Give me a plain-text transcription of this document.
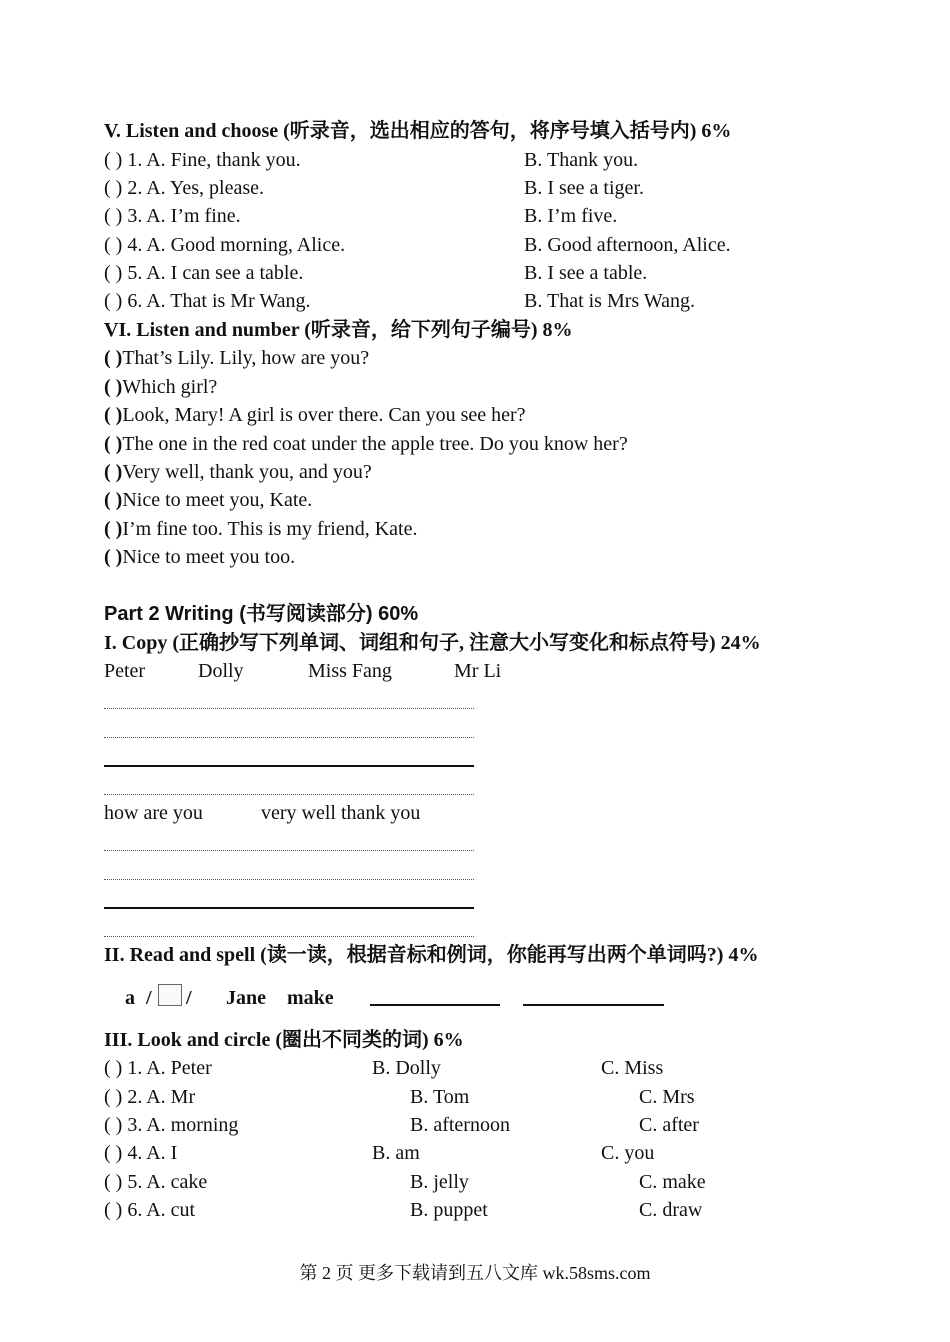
V. Listen and choose (听录音，选出相应的答句，将序号填入括号内) 6%
( ) 1. A. Fine, thank you.	B. Thank you.
( ) 2. A. Yes, please.	B. I see a tiger.
( ) 3. A. I’m fine.	B. I’m five.
( ) 4. A. Good morning, Alice.	B. Good afternoon, Alice.
( ) 5. A. I can see a table.	B. I see a table.
( ) 6. A. That is Mr Wang.	B. That is Mrs Wang.
VI. Listen and number (听录音，给下列句子编号) 8%
( )That’s Lily. Lily, how are you?
( )Which girl?
( )Look, Mary! A girl is over there. Can you see her?
( )The one in the red coat under the apple tree. Do you know her?
( )Very well, thank you, and you?
( )Nice to meet you, Kate.
( )I’m fine too. This is my friend, Kate.
( )Nice to meet you too.
Part 2 Writing (书写阅读部分) 60%
I. Copy (正确抄写下列单词、词组和句子, 注意大小写变化和标点符号) 24%
Peter	Dolly	Miss Fang	Mr Li
how are you	very well thank you
II. Read and spell (读一读，根据音标和例词，你能再写出两个单词吗?) 4%
a / / Jane make
III. Look and circle (圈出不同类的词) 6%
( ) 1. A. Peter	B. Dolly	C. Miss
( ) 2. A. Mr	B. Tom	C. Mrs
( ) 3. A. morning	B. afternoon	C. after
( ) 4. A. I	B. am	C. you
( ) 5. A. cake	B. jelly	C. make
( ) 6. A. cut	B. puppet	C. draw
第 2 页 更多下载请到五八文库 wk.58sms.com
